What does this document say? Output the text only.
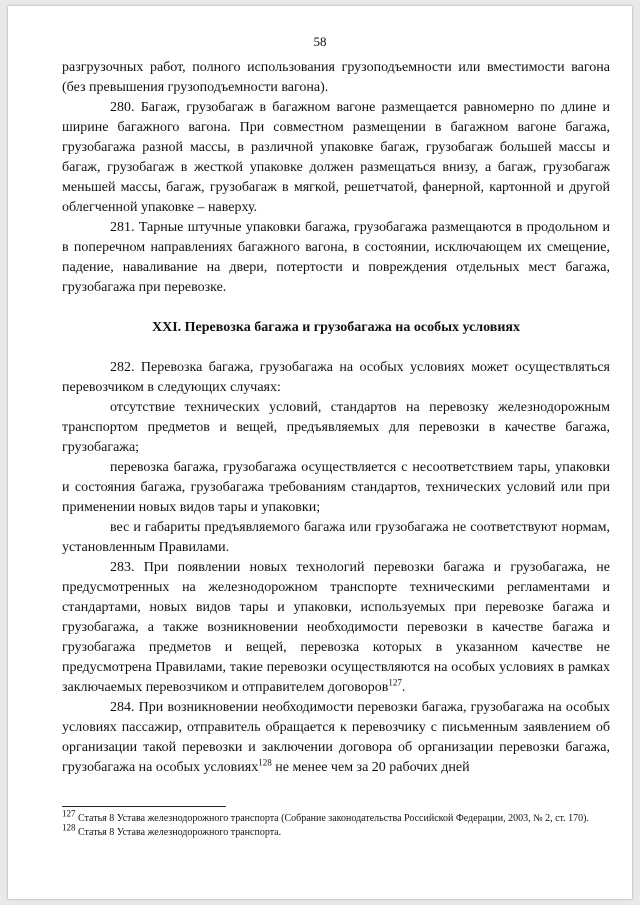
58

разгрузочных работ, полного использования грузоподъемности или вместимости вагона (без превышения грузоподъемности вагона).

280. Багаж, грузобагаж в багажном вагоне размещается равномерно по длине и ширине багажного вагона. При совместном размещении в багажном вагоне багажа, грузобагажа разной массы, в различной упаковке багаж, грузобагаж большей массы и багаж, грузобагаж в жесткой упаковке должен размещаться внизу, а багаж, грузобагаж меньшей массы, багаж, грузобагаж в мягкой, решетчатой, фанерной, картонной и другой облегченной упаковке – наверху.

281. Тарные штучные упаковки багажа, грузобагажа размещаются в продольном и в поперечном направлениях багажного вагона, в состоянии, исключающем их смещение, падение, наваливание на двери, потертости и повреждения отдельных мест багажа, грузобагажа при перевозке.

XXI. Перевозка багажа и грузобагажа на особых условиях

282. Перевозка багажа, грузобагажа на особых условиях может осуществляться перевозчиком в следующих случаях:

отсутствие технических условий, стандартов на перевозку железнодорожным транспортом предметов и вещей, предъявляемых для перевозки в качестве багажа, грузобагажа;

перевозка багажа, грузобагажа осуществляется с несоответствием тары, упаковки и состояния багажа, грузобагажа требованиям стандартов, технических условий или при применении новых видов тары и упаковки;

вес и габариты предъявляемого багажа или грузобагажа не соответствуют нормам, установленным Правилами.

283. При появлении новых технологий перевозки багажа и грузобагажа, не предусмотренных на железнодорожном транспорте техническими регламентами и стандартами, новых видов тары и упаковки, используемых при перевозке багажа и грузобагажа, а также возникновении необходимости перевозки в качестве багажа и грузобагажа предметов и вещей, перевозка которых в указанном качестве не предусмотрена Правилами, такие перевозки осуществляются на особых условиях в рамках заключаемых перевозчиком и отправителем договоров$^{127}$.

284. При возникновении необходимости перевозки багажа, грузобагажа на особых условиях пассажир, отправитель обращается к перевозчику с письменным заявлением об организации такой перевозки и заключении договора об организации перевозки багажа, грузобагажа на особых условиях$^{128}$ не менее чем за 20 рабочих дней

$^{127}$ Статья 8 Устава железнодорожного транспорта (Собрание законодательства Российской Федерации, 2003, № 2, ст. 170).

$^{128}$ Статья 8 Устава железнодорожного транспорта.
